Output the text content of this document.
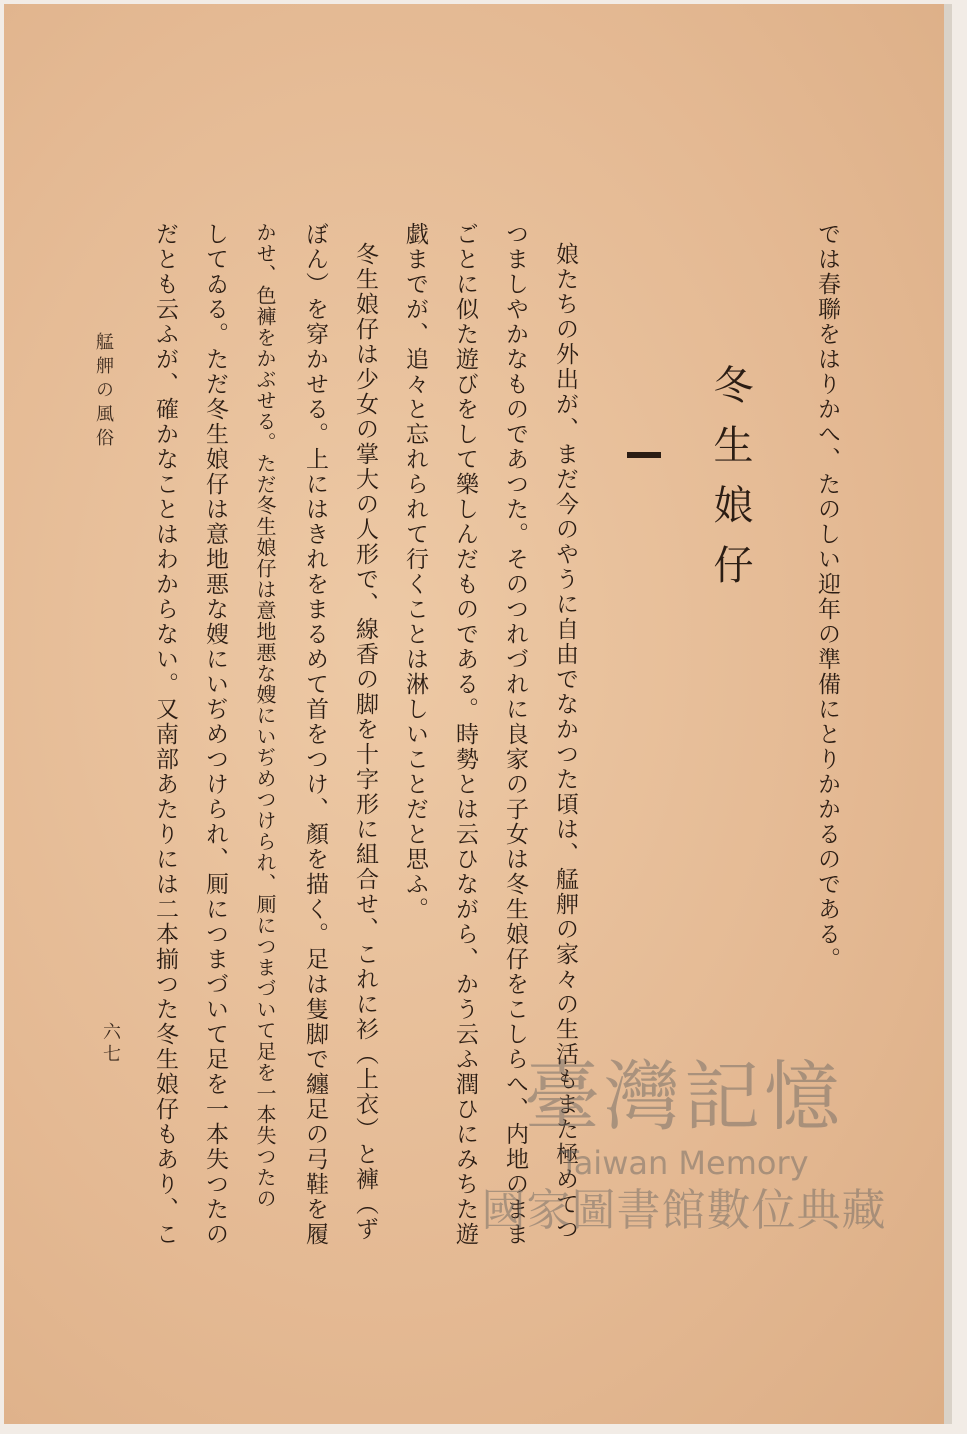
では春聯をはりかへ、たのしい迎年の準備にとりかかるのである。
冬生娘仔
娘たちの外出が、まだ今のやうに自由でなかつた頃は、艋舺の家々の生活もまた極めてつ
つましやかなものであつた。そのつれづれに良家の子女は冬生娘仔をこしらへ、内地のまま
ごとに似た遊びをして樂しんだものである。時勢とは云ひながら、かう云ふ潤ひにみちた遊
戯までが、追々と忘れられて行くことは淋しいことだと思ふ。
冬生娘仔は少女の掌大の人形で、線香の脚を十字形に組合せ、これに衫（上衣）と褲（ず
ぼん）を穿かせる。上にはきれをまるめて首をつけ、顏を描く。足は隻脚で纏足の弓鞋を履
かせ、色褲をかぶせる。ただ冬生娘仔は意地悪な嫂にいぢめつけられ、厠につまづいて足を一本失つたの
してゐる。ただ冬生娘仔は意地悪な嫂にいぢめつけられ、厠につまづいて足を一本失つたの
だとも云ふが、確かなことはわからない。又南部あたりには二本揃つた冬生娘仔もあり、こ
艋舺の風俗
六七
臺灣記憶
Taiwan Memory
國家圖書館數位典藏
